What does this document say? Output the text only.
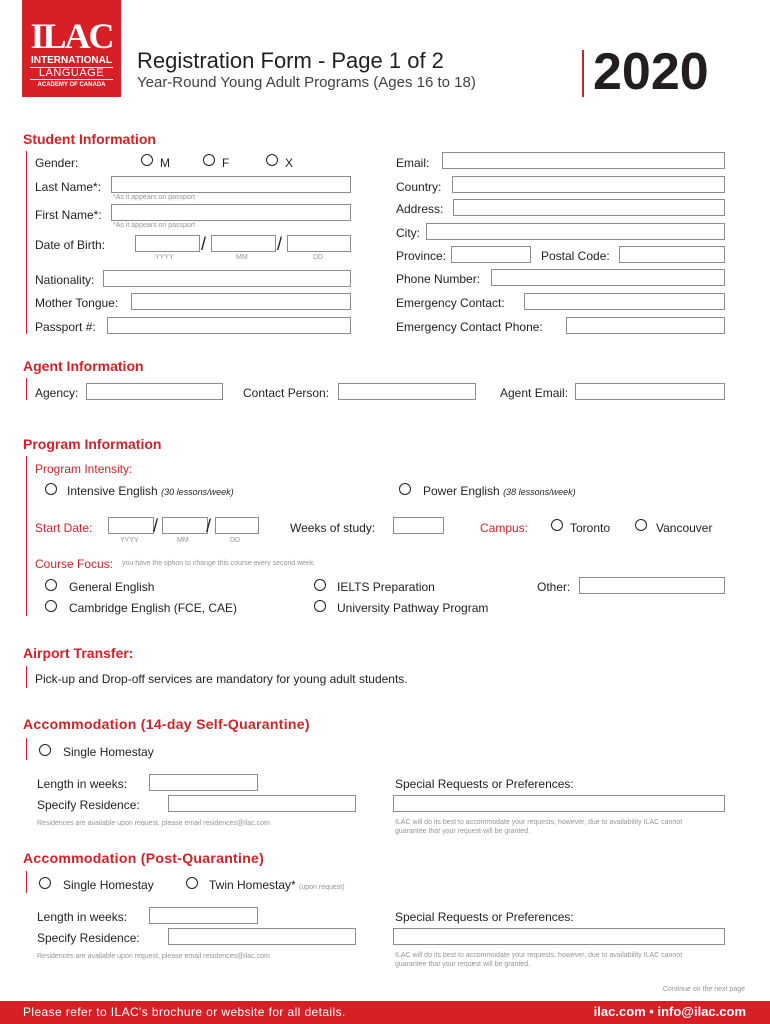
ILAC
INTERNATIONAL
LANGUAGE
ACADEMY OF CANADA
Registration Form - Page 1 of 2
Year-Round Young Adult Programs (Ages 16 to 18) 2020
Student Information
Gender:	M	F	X
Last Name*:
*As it appears on passport
First Name*:
*As it appears on passport
Date of Birth:	/	/
YYYY	MM	DD
Nationality:
Mother Tongue:
Passport #:
Email:
Country:
Address:
City:
Province:	Postal Code:
Phone Number:
Emergency Contact:
Emergency Contact Phone:
Agent Information
Agency:	Contact Person:	Agent Email:
Program Information
Program Intensity:
Intensive English (30 lessons/week)	Power English (38 lessons/week)
Start Date:	/	/
YYYY	MM	DD
Weeks of study:	Campus:	Toronto	Vancouver
Course Focus: you have the option to change this course every second week.
General English
Cambridge English (FCE, CAE)
IELTS Preparation
University Pathway Program
Other:
Airport Transfer:
Pick-up and Drop-off services are mandatory for young adult students.
Accommodation (14-day Self-Quarantine)
Single Homestay
Length in weeks:
Specify Residence:
Residences are available upon request, please email residences@ilac.com
Special Requests or Preferences:
ILAC will do its best to accommodate your requests, however, due to availability ILAC cannot
guarantee that your request will be granted.
Accommodation (Post-Quarantine)
Single Homestay	Twin Homestay* (upon request)
Length in weeks:
Specify Residence:
Residences are available upon request, please email residences@ilac.com
Special Requests or Preferences:
ILAC will do its best to accommodate your requests, however, due to availability ILAC cannot
guarantee that your request will be granted.
Continue on the next page
Please refer to ILAC's brochure or website for all details.	ilac.com • info@ilac.com
